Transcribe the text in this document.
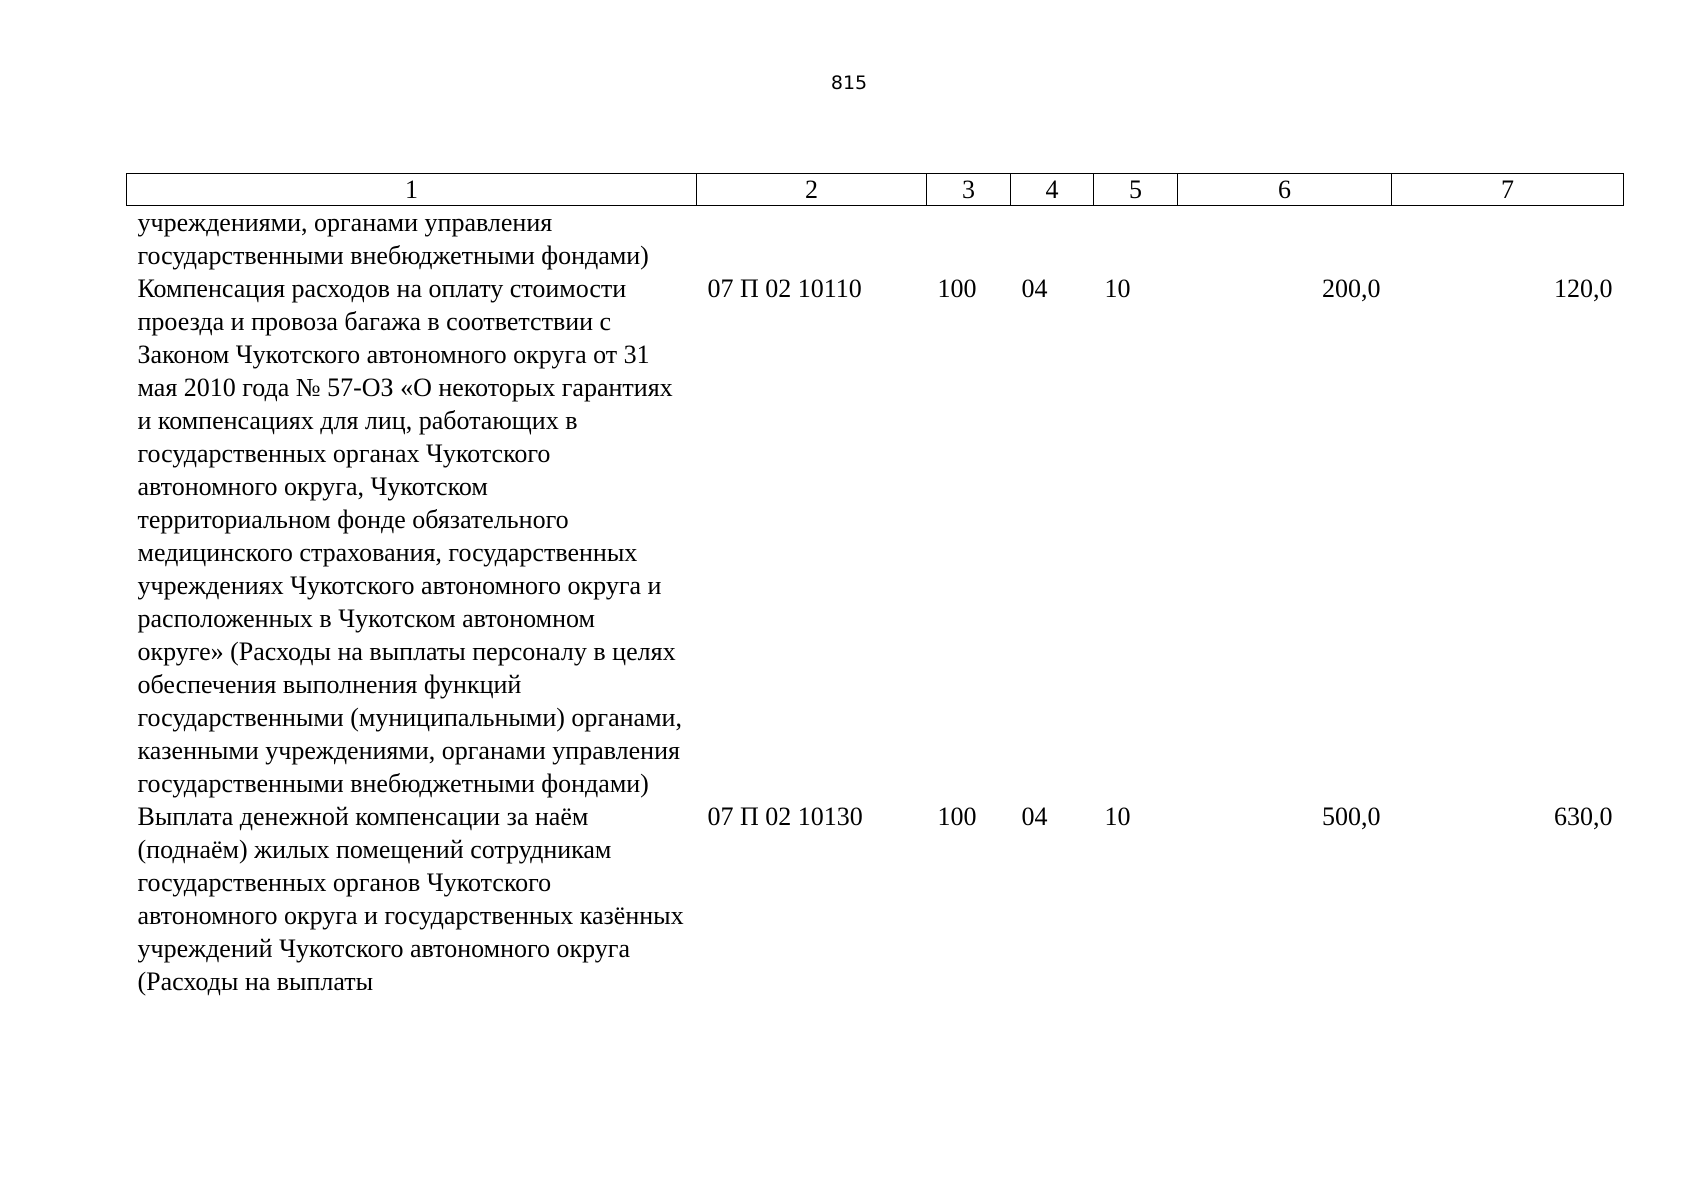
815
1	2	3	4	5	6	7
учреждениями, органами управления государственными внебюджетными фондами)						
Компенсация расходов на оплату стоимости проезда и провоза багажа в соответствии с Законом Чукотского автономного округа от 31 мая 2010 года № 57-ОЗ «О некоторых гарантиях и компенсациях для лиц, работающих в государственных органах Чукотского автономного округа, Чукотском территориальном фонде обязательного медицинского страхования, государственных учреждениях Чукотского автономного округа и расположенных в Чукотском автономном округе» (Расходы на выплаты персоналу в целях обеспечения выполнения функций государственными (муниципальными) органами, казенными учреждениями, органами управления государственными внебюджетными фондами)	07 П 02 10110	100	04	10	200,0	120,0
Выплата денежной компенсации за наём (поднаём) жилых помещений сотрудникам государственных органов Чукотского автономного округа и государственных казённых учреждений Чукотского автономного округа (Расходы на выплаты	07 П 02 10130	100	04	10	500,0	630,0
